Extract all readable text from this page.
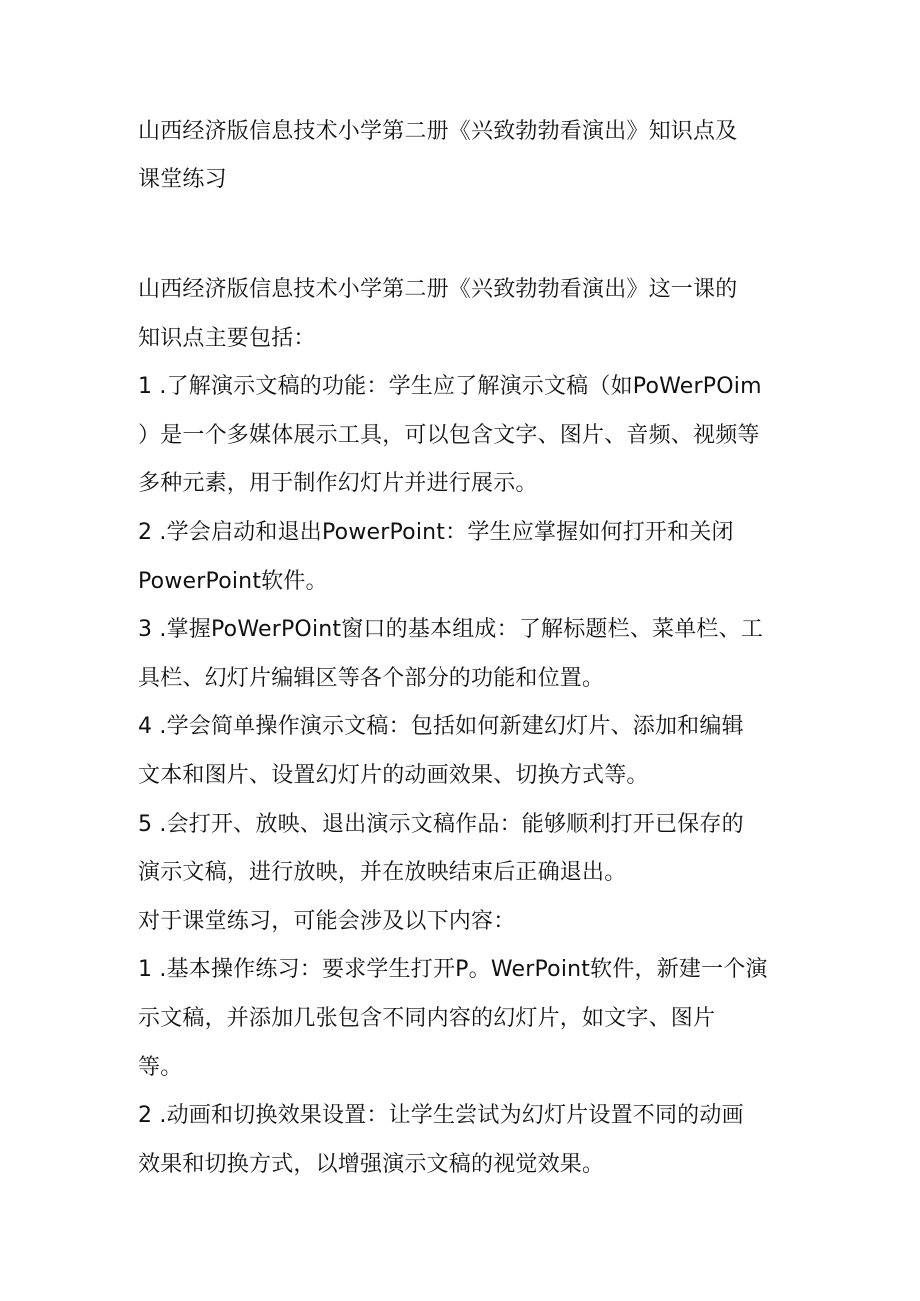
山西经济版信息技术小学第二册《兴致勃勃看演出》知识点及
课堂练习

山西经济版信息技术小学第二册《兴致勃勃看演出》这一课的

知识点主要包括：

1 .了解演示文稿的功能：学生应了解演示文稿（如PoWerPOim

）是一个多媒体展示工具，可以包含文字、图片、音频、视频等

多种元素，用于制作幻灯片并进行展示。

2 .学会启动和退出PowerPoint：学生应掌握如何打开和关闭

PowerPoint软件。

3 .掌握PoWerPOint窗口的基本组成：了解标题栏、菜单栏、工

具栏、幻灯片编辑区等各个部分的功能和位置。

4 .学会简单操作演示文稿：包括如何新建幻灯片、添加和编辑

文本和图片、设置幻灯片的动画效果、切换方式等。

5 .会打开、放映、退出演示文稿作品：能够顺利打开已保存的

演示文稿，进行放映，并在放映结束后正确退出。

对于课堂练习，可能会涉及以下内容：

1 .基本操作练习：要求学生打开P。WerPoint软件，新建一个演

示文稿，并添加几张包含不同内容的幻灯片，如文字、图片

等。

2 .动画和切换效果设置：让学生尝试为幻灯片设置不同的动画

效果和切换方式，以增强演示文稿的视觉效果。
